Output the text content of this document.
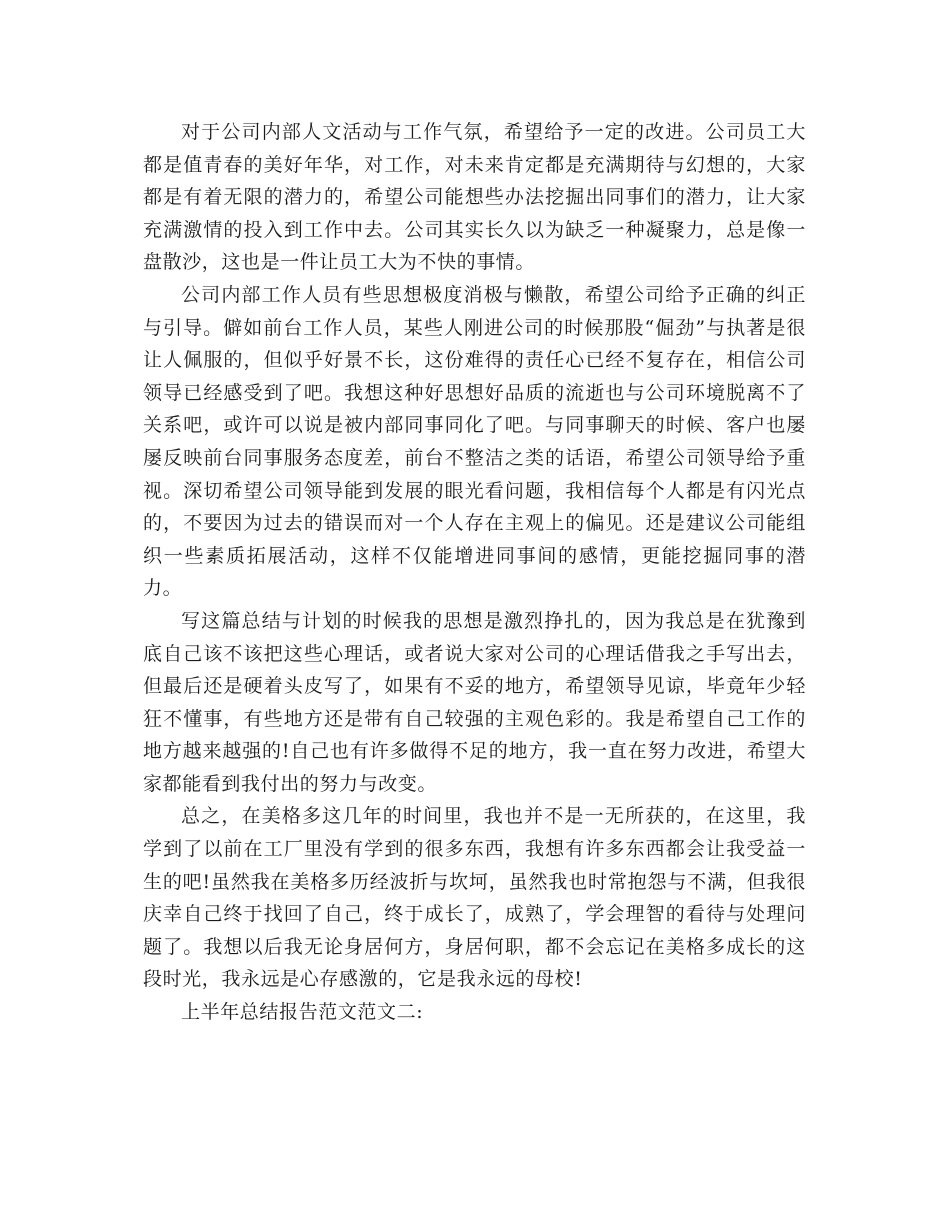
对于公司内部人文活动与工作气氛，希望给予一定的改进。公司员工大都是值青春的美好年华，对工作，对未来肯定都是充满期待与幻想的，大家都是有着无限的潜力的，希望公司能想些办法挖掘出同事们的潜力，让大家充满激情的投入到工作中去。公司其实长久以为缺乏一种凝聚力，总是像一盘散沙，这也是一件让员工大为不快的事情。

公司内部工作人员有些思想极度消极与懒散，希望公司给予正确的纠正与引导。僻如前台工作人员，某些人刚进公司的时候那股“倔劲”与执著是很让人佩服的，但似乎好景不长，这份难得的责任心已经不复存在，相信公司领导已经感受到了吧。我想这种好思想好品质的流逝也与公司环境脱离不了关系吧，或许可以说是被内部同事同化了吧。与同事聊天的时候、客户也屡屡反映前台同事服务态度差，前台不整洁之类的话语，希望公司领导给予重视。深切希望公司领导能到发展的眼光看问题，我相信每个人都是有闪光点的，不要因为过去的错误而对一个人存在主观上的偏见。还是建议公司能组织一些素质拓展活动，这样不仅能增进同事间的感情，更能挖掘同事的潜力。

写这篇总结与计划的时候我的思想是激烈挣扎的，因为我总是在犹豫到底自己该不该把这些心理话，或者说大家对公司的心理话借我之手写出去，但最后还是硬着头皮写了，如果有不妥的地方，希望领导见谅，毕竟年少轻狂不懂事，有些地方还是带有自己较强的主观色彩的。我是希望自己工作的地方越来越强的!自己也有许多做得不足的地方，我一直在努力改进，希望大家都能看到我付出的努力与改变。

总之，在美格多这几年的时间里，我也并不是一无所获的，在这里，我学到了以前在工厂里没有学到的很多东西，我想有许多东西都会让我受益一生的吧!虽然我在美格多历经波折与坎坷，虽然我也时常抱怨与不满，但我很庆幸自己终于找回了自己，终于成长了，成熟了，学会理智的看待与处理问题了。我想以后我无论身居何方，身居何职，都不会忘记在美格多成长的这段时光，我永远是心存感激的，它是我永远的母校!

上半年总结报告范文范文二:
